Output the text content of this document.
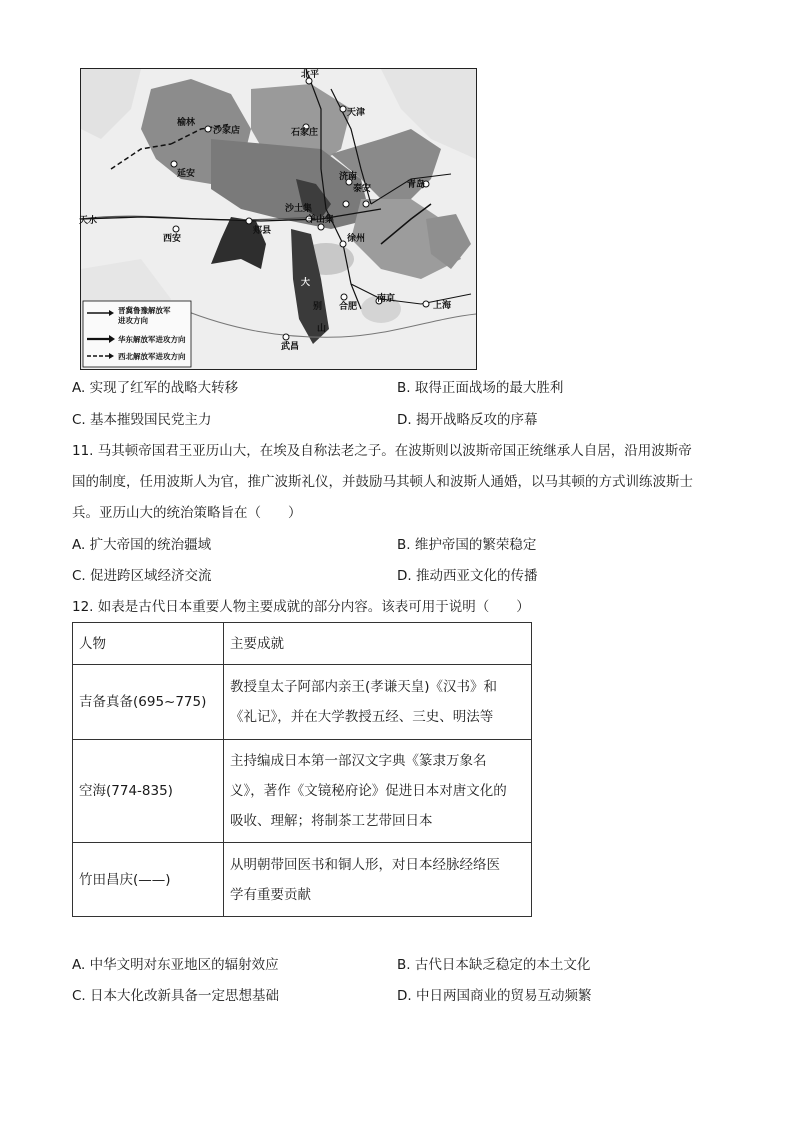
北平
天津
榆林
沙家店	石家庄
延安	济南
青岛
泰安
沙土集
羊山集
天水
西安
郏县
徐州
大
别
山
合肥
南京
上海
武昌
晋冀鲁豫解放军
进攻方向
华东解放军进攻方向
西北解放军进攻方向
A. 实现了红军的战略大转移	B. 取得正面战场的最大胜利
C. 基本摧毁国民党主力	D. 揭开战略反攻的序幕
11. 马其顿帝国君王亚历山大，在埃及自称法老之子。在波斯则以波斯帝国正统继承人自居，沿用波斯帝
国的制度，任用波斯人为官，推广波斯礼仪，并鼓励马其顿人和波斯人通婚，以马其顿的方式训练波斯士
兵。亚历山大的统治策略旨在（　　）
A. 扩大帝国的统治疆域	B. 维护帝国的繁荣稳定
C. 促进跨区域经济交流	D. 推动西亚文化的传播
12. 如表是古代日本重要人物主要成就的部分内容。该表可用于说明（　　）
人物	主要成就
吉备真备(695~775)	教授皇太子阿部内亲王(孝谦天皇)《汉书》和
《礼记》，并在大学教授五经、三史、明法等

空海(774-835)	主持编成日本第一部汉文字典《篆隶万象名
义》，著作《文镜秘府论》促进日本对唐文化的
吸收、理解；将制茶工艺带回日本

竹田昌庆(——)	从明朝带回医书和铜人形，对日本经脉经络医
学有重要贡献
A. 中华文明对东亚地区的辐射效应	B. 古代日本缺乏稳定的本土文化
C. 日本大化改新具备一定思想基础	D. 中日两国商业的贸易互动频繁
